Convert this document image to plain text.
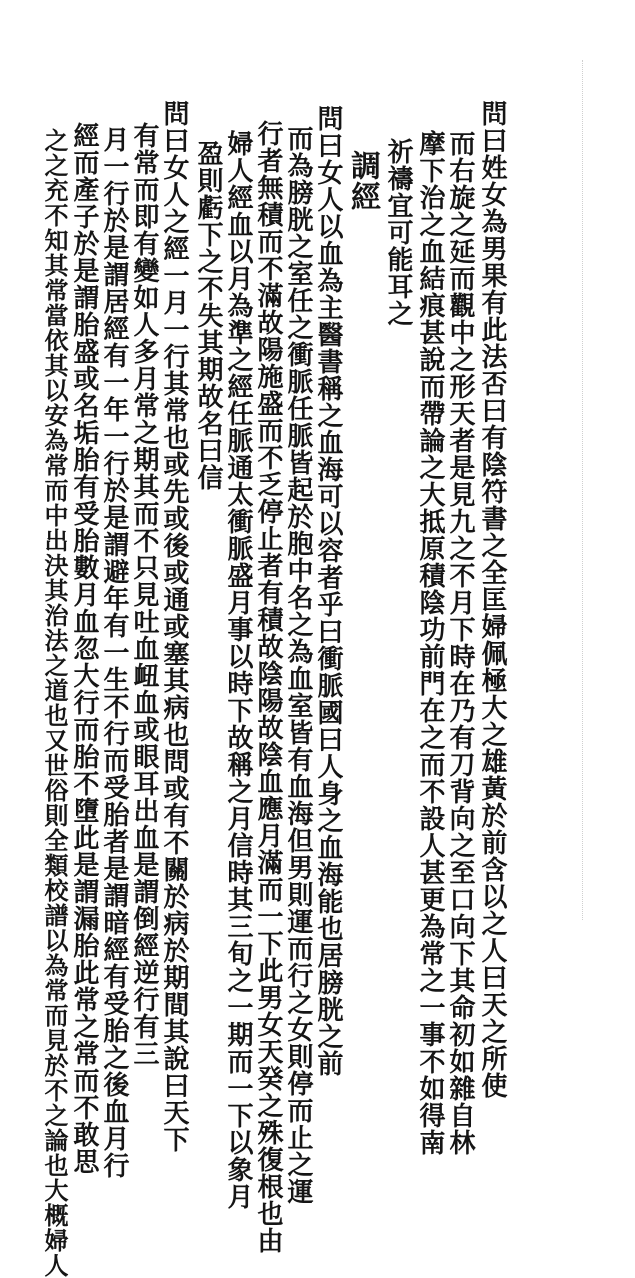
問曰姓女為男果有此法否曰有陰符書之全匡婦佩極大之雄黃於前含以之人曰天之所使
而右旋之延而觀中之形天者是見九之不月下時在乃有刀背向之至口向下其命初如雜自林
摩下治之血結痕甚說而帶論之大抵原積陰功前門在之而不設人甚更為常之一事不如得南
祈禱宜可能耳之
調經
問曰女人以血為主醫書稱之血海可以容者乎曰衝脈國曰人身之血海能也居膀胱之前
而為膀胱之室任之衝脈任脈皆起於胞中名之為血室皆有血海但男則運而行之女則停而止之運
行者無積而不滿故陽施盛而不乏停止者有積故陰陽故陰血應月滿而一下此男女天癸之殊復根也由
婦人經血以月為準之經任脈通太衝脈盛月事以時下故稱之月信時其三旬之一期而一下以象月
盈則虧下之不失其期故名曰信
問曰女人之經一月一行其常也或先或後或通或塞其病也問或有不關於病於期間其說曰天下
有常而即有變如人多月常之期其而不只見吐血衄血或眼耳出血是謂倒經逆行有三
月一行於是謂居經有一年一行於是謂避年有一生不行而受胎者是謂暗經有受胎之後血月行
經而產子於是謂胎盛或名垢胎有受胎數月血忽大行而胎不墮此是謂漏胎此常之常而不敢思
之之充不知其常當依其以安為常而中出決其治法之道也又世俗則全類校譜以為常而見於不之論也大概婦人
